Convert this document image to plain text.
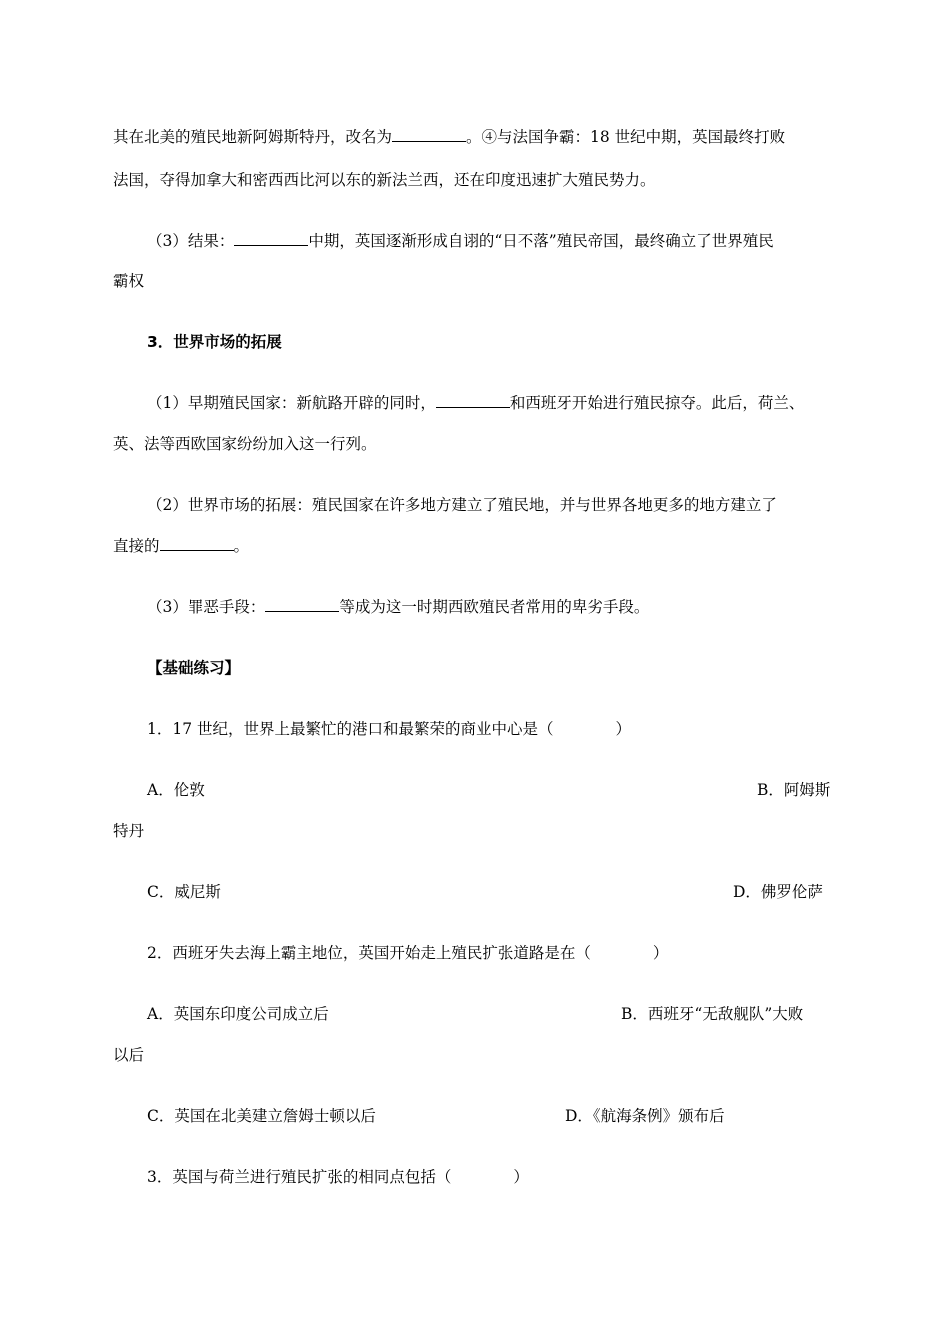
其在北美的殖民地新阿姆斯特丹，改名为	。④与法国争霸：18 世纪中期，英国最终打败
法国，夺得加拿大和密西西比河以东的新法兰西，还在印度迅速扩大殖民势力。
（3）结果：	中期，英国逐渐形成自诩的“日不落”殖民帝国，最终确立了世界殖民
霸权
3．世界市场的拓展
（1）早期殖民国家：新航路开辟的同时，	和西班牙开始进行殖民掠夺。此后，荷兰、
英、法等西欧国家纷纷加入这一行列。
（2）世界市场的拓展：殖民国家在许多地方建立了殖民地，并与世界各地更多的地方建立了
直接的	。
（3）罪恶手段：	等成为这一时期西欧殖民者常用的卑劣手段。
【基础练习】
1．17 世纪，世界上最繁忙的港口和最繁荣的商业中心是（　　　　）
A．伦敦	B．阿姆斯
特丹
C．威尼斯	D．佛罗伦萨
2．西班牙失去海上霸主地位，英国开始走上殖民扩张道路是在（　　　　）
A．英国东印度公司成立后	B．西班牙“无敌舰队”大败
以后
C．英国在北美建立詹姆士顿以后	D．《航海条例》颁布后
3．英国与荷兰进行殖民扩张的相同点包括（　　　　）
